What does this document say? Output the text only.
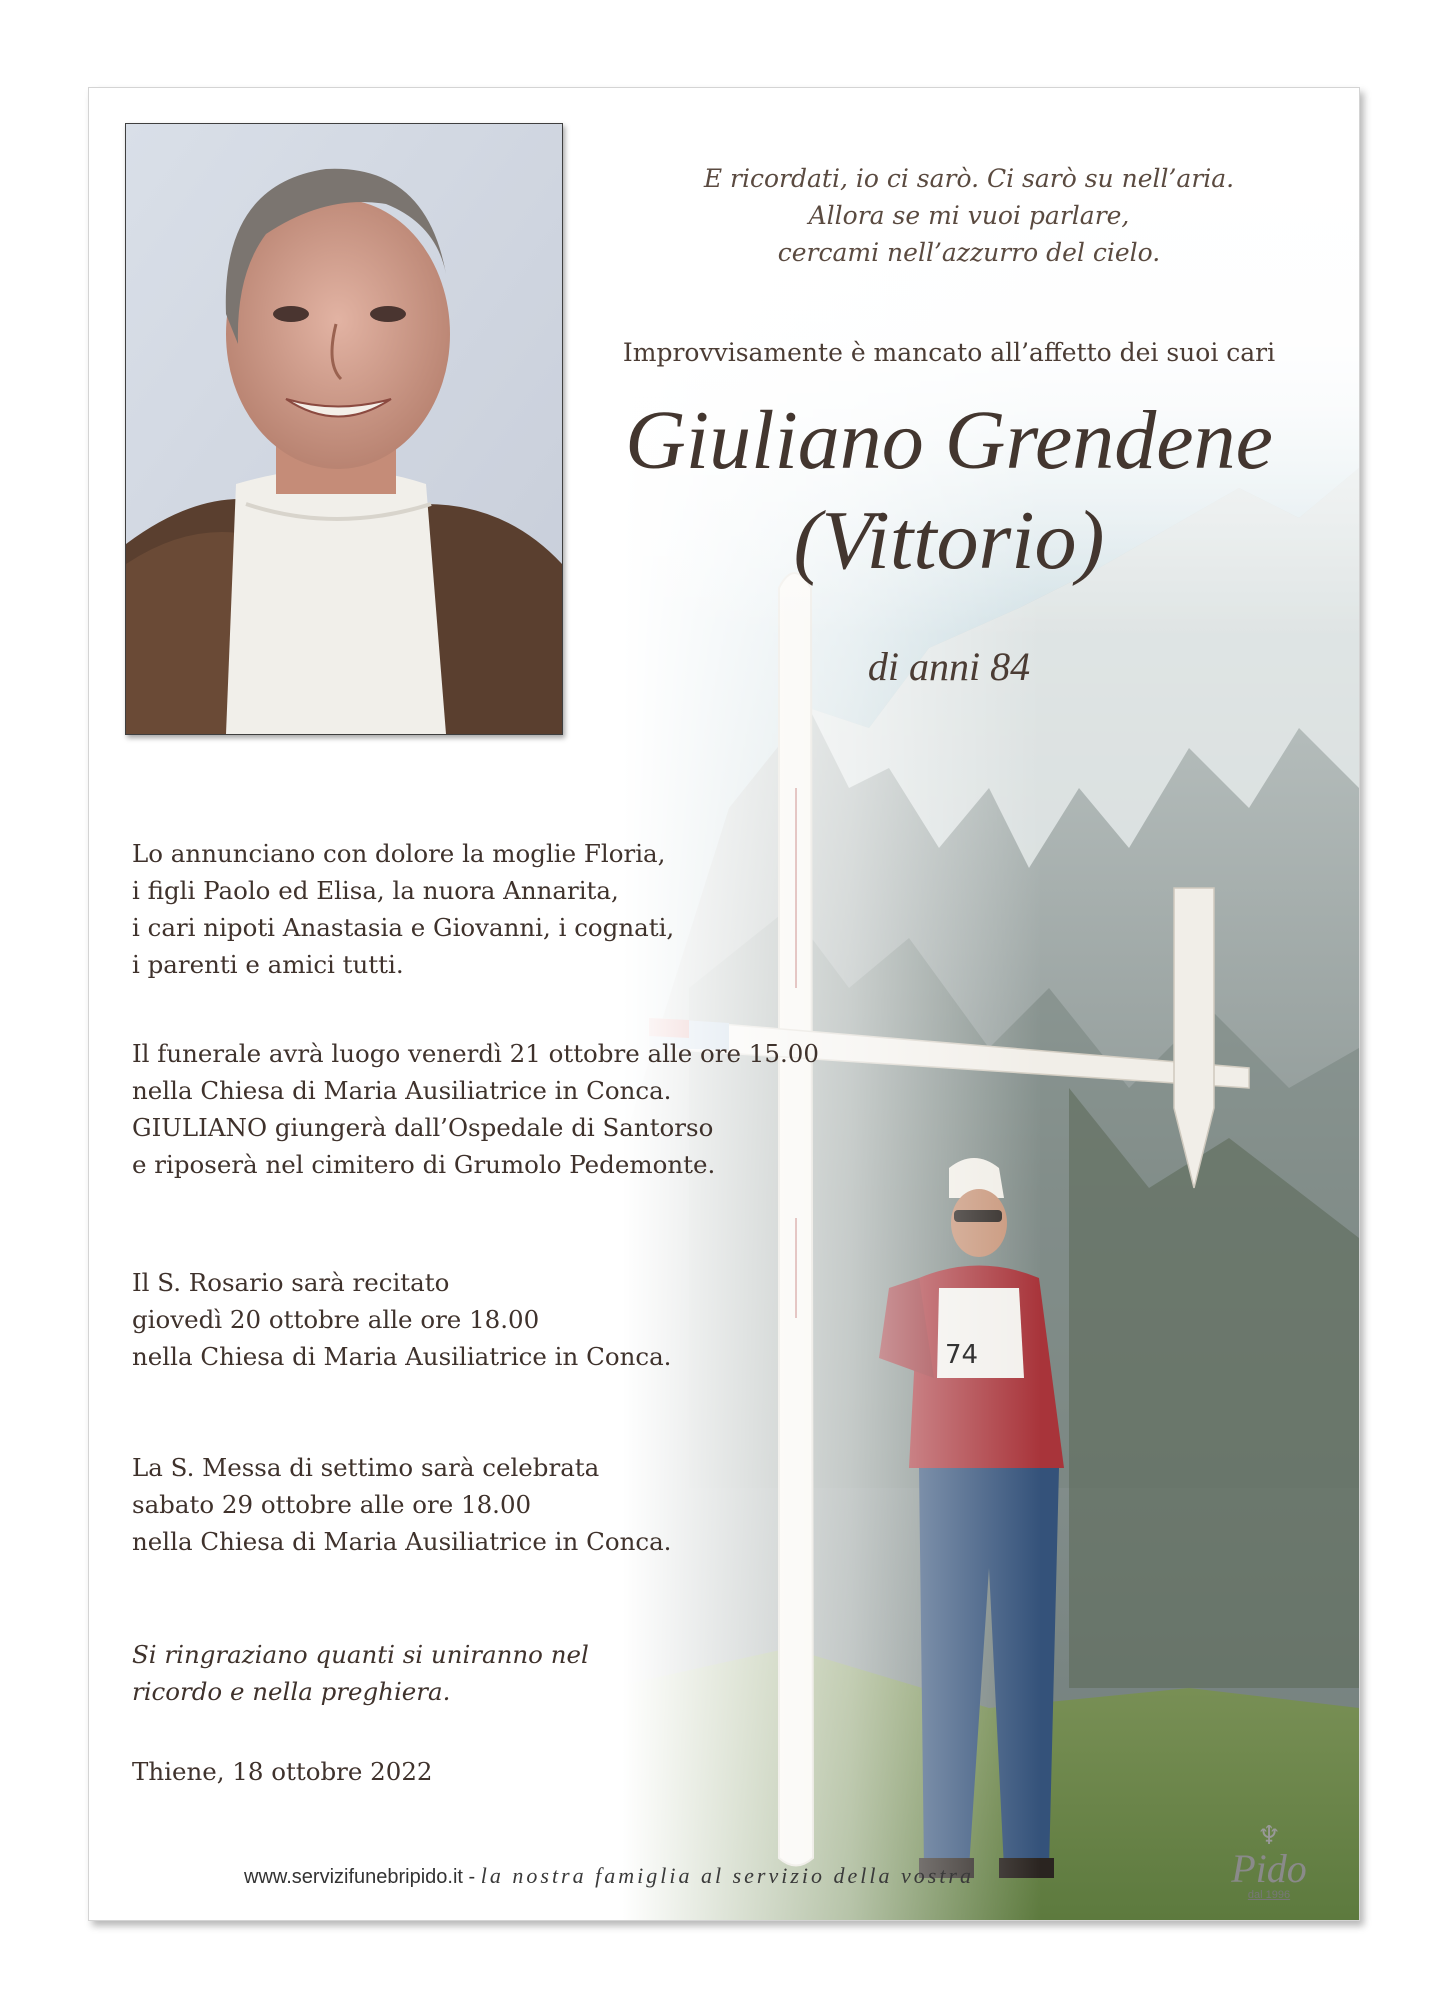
74
E ricordati, io ci sarò. Ci sarò su nell’aria.
Allora se mi vuoi parlare,
cercami nell’azzurro del cielo.
Improvvisamente è mancato all’affetto dei suoi cari
Giuliano Grendene
(Vittorio)
di anni 84
Lo annunciano con dolore la moglie Floria,
i figli Paolo ed Elisa, la nuora Annarita,
i cari nipoti Anastasia e Giovanni, i cognati,
i parenti e amici tutti.
Il funerale avrà luogo venerdì 21 ottobre alle ore 15.00
nella Chiesa di Maria Ausiliatrice in Conca.
GIULIANO giungerà dall’Ospedale di Santorso
e riposerà nel cimitero di Grumolo Pedemonte.
Il S. Rosario sarà recitato
giovedì 20 ottobre alle ore 18.00
nella Chiesa di Maria Ausiliatrice in Conca.
La S. Messa di settimo sarà celebrata
sabato 29 ottobre alle ore 18.00
nella Chiesa di Maria Ausiliatrice in Conca.
Si ringraziano quanti si uniranno nel
ricordo e nella preghiera.
Thiene, 18 ottobre 2022
www.servizifunebripido.it - la nostra famiglia al servizio della vostra
♆
Pido
dal 1996
